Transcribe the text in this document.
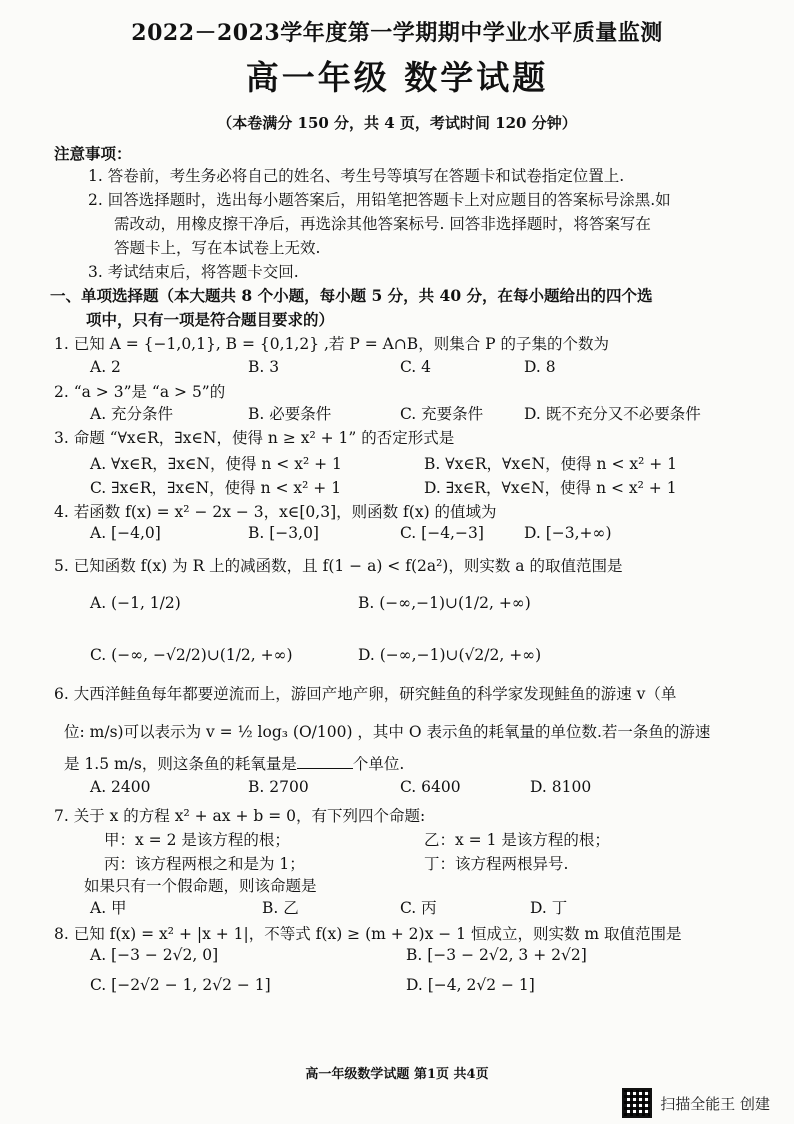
2022－2023学年度第一学期期中学业水平质量监测
高一年级 数学试题
（本卷满分 150 分，共 4 页，考试时间 120 分钟）
注意事项：
1. 答卷前，考生务必将自己的姓名、考生号等填写在答题卡和试卷指定位置上.
2. 回答选择题时，选出每小题答案后，用铅笔把答题卡上对应题目的答案标号涂黑.如
需改动，用橡皮擦干净后，再选涂其他答案标号. 回答非选择题时，将答案写在
答题卡上，写在本试卷上无效.
3. 考试结束后，将答题卡交回.
一、单项选择题（本大题共 8 个小题，每小题 5 分，共 40 分，在每小题给出的四个选
项中，只有一项是符合题目要求的）
1. 已知 A = {−1,0,1}, B = {0,1,2} ,若 P = A∩B，则集合 P 的子集的个数为
A. 2	B. 3	C. 4	D. 8
2. “a > 3”是 “a > 5”的
A. 充分条件	B. 必要条件	C. 充要条件	D. 既不充分又不必要条件
3. 命题 “∀x∈R，∃x∈N，使得 n ≥ x² + 1” 的否定形式是
A. ∀x∈R，∃x∈N，使得 n < x² + 1	B. ∀x∈R，∀x∈N，使得 n < x² + 1
C. ∃x∈R，∃x∈N，使得 n < x² + 1	D. ∃x∈R，∀x∈N，使得 n < x² + 1
4. 若函数 f(x) = x² − 2x − 3，x∈[0,3]，则函数 f(x) 的值域为
A. [−4,0]	B. [−3,0]	C. [−4,−3]	D. [−3,+∞)
5. 已知函数 f(x) 为 R 上的减函数，且 f(1 − a) < f(2a²)，则实数 a 的取值范围是
A. (−1, 1/2)	B. (−∞,−1)∪(1/2, +∞)
C. (−∞, −√2/2)∪(1/2, +∞)	D. (−∞,−1)∪(√2/2, +∞)
6. 大西洋鲑鱼每年都要逆流而上，游回产地产卵，研究鲑鱼的科学家发现鲑鱼的游速 v（单
位: m/s)可以表示为 v = ½ log₃ (O/100) ，其中 O 表示鱼的耗氧量的单位数.若一条鱼的游速
是 1.5 m/s，则这条鱼的耗氧量是	个单位.
A. 2400	B. 2700	C. 6400	D. 8100
7. 关于 x 的方程 x² + ax + b = 0，有下列四个命题:
甲：x = 2 是该方程的根；	乙：x = 1 是该方程的根；
丙：该方程两根之和是为 1；	丁：该方程两根异号.
如果只有一个假命题，则该命题是
A. 甲	B. 乙	C. 丙	D. 丁
8. 已知 f(x) = x² + |x + 1|，不等式 f(x) ≥ (m + 2)x − 1 恒成立，则实数 m 取值范围是
A. [−3 − 2√2, 0]	B. [−3 − 2√2, 3 + 2√2]
C. [−2√2 − 1, 2√2 − 1]	D. [−4, 2√2 − 1]
高一年级数学试题 第1页 共4页
扫描全能王 创建
